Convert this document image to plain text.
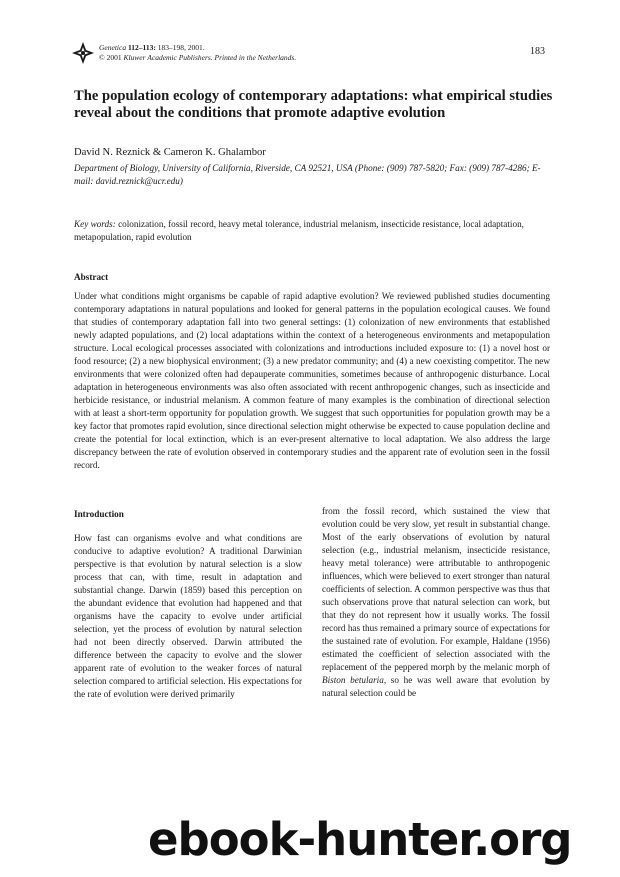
Genetica 112–113: 183–198, 2001.
© 2001 Kluwer Academic Publishers. Printed in the Netherlands.
183
The population ecology of contemporary adaptations: what empirical studies reveal about the conditions that promote adaptive evolution
David N. Reznick & Cameron K. Ghalambor
Department of Biology, University of California, Riverside, CA 92521, USA (Phone: (909) 787-5820; Fax: (909) 787-4286; E-mail: david.reznick@ucr.edu)
Key words: colonization, fossil record, heavy metal tolerance, industrial melanism, insecticide resistance, local adaptation, metapopulation, rapid evolution
Abstract
Under what conditions might organisms be capable of rapid adaptive evolution? We reviewed published studies documenting contemporary adaptations in natural populations and looked for general patterns in the population ecological causes. We found that studies of contemporary adaptation fall into two general settings: (1) colonization of new environments that established newly adapted populations, and (2) local adaptations within the context of a heterogeneous environments and metapopulation structure. Local ecological processes associated with colonizations and introductions included exposure to: (1) a novel host or food resource; (2) a new biophysical environment; (3) a new predator community; and (4) a new coexisting competitor. The new environments that were colonized often had depauperate communities, sometimes because of anthropogenic disturbance. Local adaptation in heterogeneous environments was also often associated with recent anthropogenic changes, such as insecticide and herbicide resistance, or industrial melanism. A common feature of many examples is the combination of directional selection with at least a short-term opportunity for population growth. We suggest that such opportunities for population growth may be a key factor that promotes rapid evolution, since directional selection might otherwise be expected to cause population decline and create the potential for local extinction, which is an ever-present alternative to local adaptation. We also address the large discrepancy between the rate of evolution observed in contemporary studies and the apparent rate of evolution seen in the fossil record.
Introduction
How fast can organisms evolve and what conditions are conducive to adaptive evolution? A traditional Darwinian perspective is that evolution by natural selection is a slow process that can, with time, result in adaptation and substantial change. Darwin (1859) based this perception on the abundant evidence that evolution had happened and that organisms have the capacity to evolve under artificial selection, yet the process of evolution by natural selection had not been directly observed. Darwin attributed the difference between the capacity to evolve and the slower apparent rate of evolution to the weaker forces of natural selection compared to artificial selection. His expectations for the rate of evolution were derived primarily
from the fossil record, which sustained the view that evolution could be very slow, yet result in substantial change. Most of the early observations of evolution by natural selection (e.g., industrial melanism, insecticide resistance, heavy metal tolerance) were attributable to anthropogenic influences, which were believed to exert stronger than natural coefficients of selection. A common perspective was thus that such observations prove that natural selection can work, but that they do not represent how it usually works. The fossil record has thus remained a primary source of expectations for the sustained rate of evolution. For example, Haldane (1956) estimated the coefficient of selection associated with the replacement of the peppered morph by the melanic morph of Biston betularia, so he was well aware that evolution by natural selection could be
ebook-hunter.org
